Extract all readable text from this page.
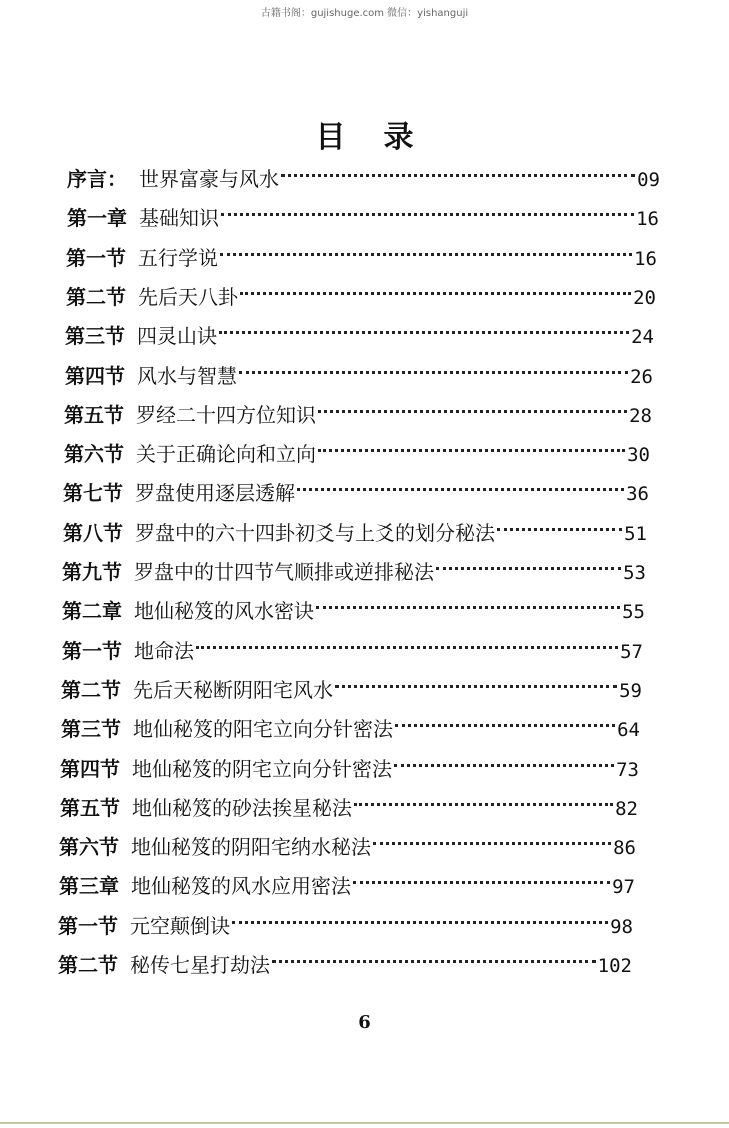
古籍书阁：gujishuge.com 微信：yishanguji
目录
序言： 世界富豪与风水	09
第一章 基础知识	16
第一节 五行学说	16
第二节 先后天八卦	20
第三节 四灵山诀	24
第四节 风水与智慧	26
第五节 罗经二十四方位知识	28
第六节 关于正确论向和立向	30
第七节 罗盘使用逐层透解	36
第八节 罗盘中的六十四卦初爻与上爻的划分秘法	51
第九节 罗盘中的廿四节气顺排或逆排秘法	53
第二章 地仙秘笈的风水密诀	55
第一节 地命法	57
第二节 先后天秘断阴阳宅风水	59
第三节 地仙秘笈的阳宅立向分针密法	64
第四节 地仙秘笈的阴宅立向分针密法	73
第五节 地仙秘笈的砂法挨星秘法	82
第六节 地仙秘笈的阴阳宅纳水秘法	86
第三章 地仙秘笈的风水应用密法	97
第一节 元空颠倒诀	98
第二节 秘传七星打劫法	102
6
